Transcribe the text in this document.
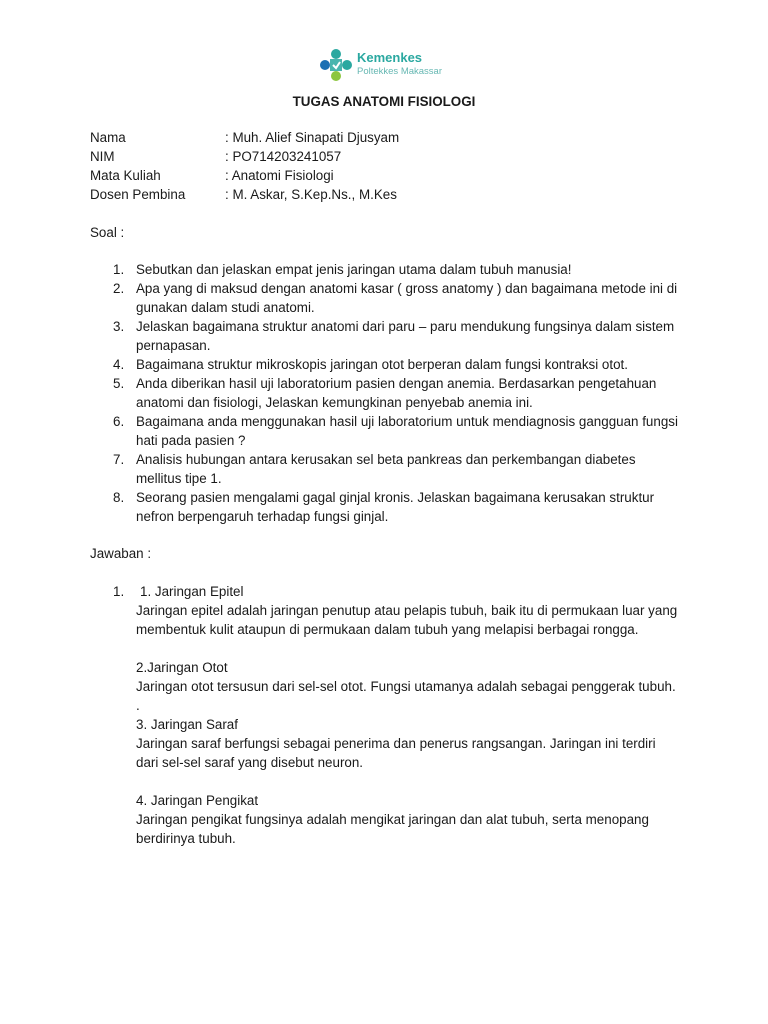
Kemenkes
Poltekkes Makassar
TUGAS ANATOMI FISIOLOGI
Nama	: Muh. Alief Sinapati Djusyam
NIM	: PO714203241057
Mata Kuliah	: Anatomi Fisiologi
Dosen Pembina	: M. Askar, S.Kep.Ns., M.Kes
Soal :
1. Sebutkan dan jelaskan empat jenis jaringan utama dalam tubuh manusia!
2. Apa yang di maksud dengan anatomi kasar ( gross anatomy ) dan bagaimana metode ini di gunakan dalam studi anatomi.
3. Jelaskan bagaimana struktur anatomi dari paru – paru mendukung fungsinya dalam sistem pernapasan.
4. Bagaimana struktur mikroskopis jaringan otot berperan dalam fungsi kontraksi otot.
5. Anda diberikan hasil uji laboratorium pasien dengan anemia. Berdasarkan pengetahuan anatomi dan fisiologi, Jelaskan kemungkinan penyebab anemia ini.
6. Bagaimana anda menggunakan hasil uji laboratorium untuk mendiagnosis gangguan fungsi hati pada pasien ?
7. Analisis hubungan antara kerusakan sel beta pankreas dan perkembangan diabetes mellitus tipe 1.
8. Seorang pasien mengalami gagal ginjal kronis. Jelaskan bagaimana kerusakan struktur nefron berpengaruh terhadap fungsi ginjal.
Jawaban :
1. 1. Jaringan Epitel
Jaringan epitel adalah jaringan penutup atau pelapis tubuh, baik itu di permukaan luar yang membentuk kulit ataupun di permukaan dalam tubuh yang melapisi berbagai rongga.
2.Jaringan Otot
Jaringan otot tersusun dari sel-sel otot. Fungsi utamanya adalah sebagai penggerak tubuh.
.
3. Jaringan Saraf
Jaringan saraf berfungsi sebagai penerima dan penerus rangsangan. Jaringan ini terdiri dari sel-sel saraf yang disebut neuron.
4. Jaringan Pengikat
Jaringan pengikat fungsinya adalah mengikat jaringan dan alat tubuh, serta menopang berdirinya tubuh.
